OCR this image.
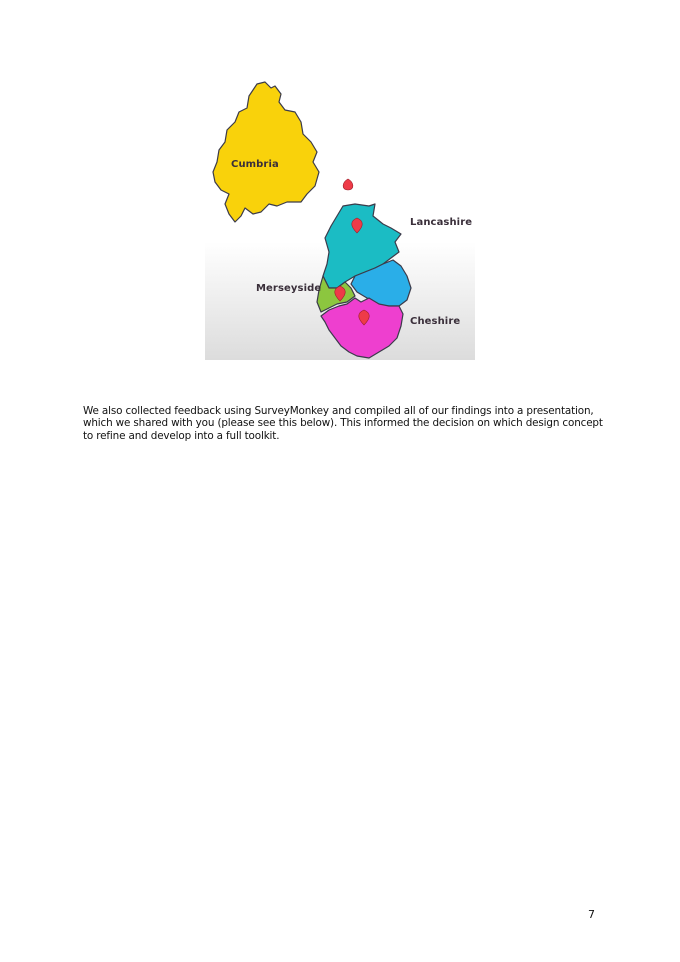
Cumbria
Lancashire
Merseyside
Cheshire

We also collected feedback using SurveyMonkey and compiled all of our findings into a presentation, which we shared with you (please see this below). This informed the decision on which design concept to refine and develop into a full toolkit.

7
